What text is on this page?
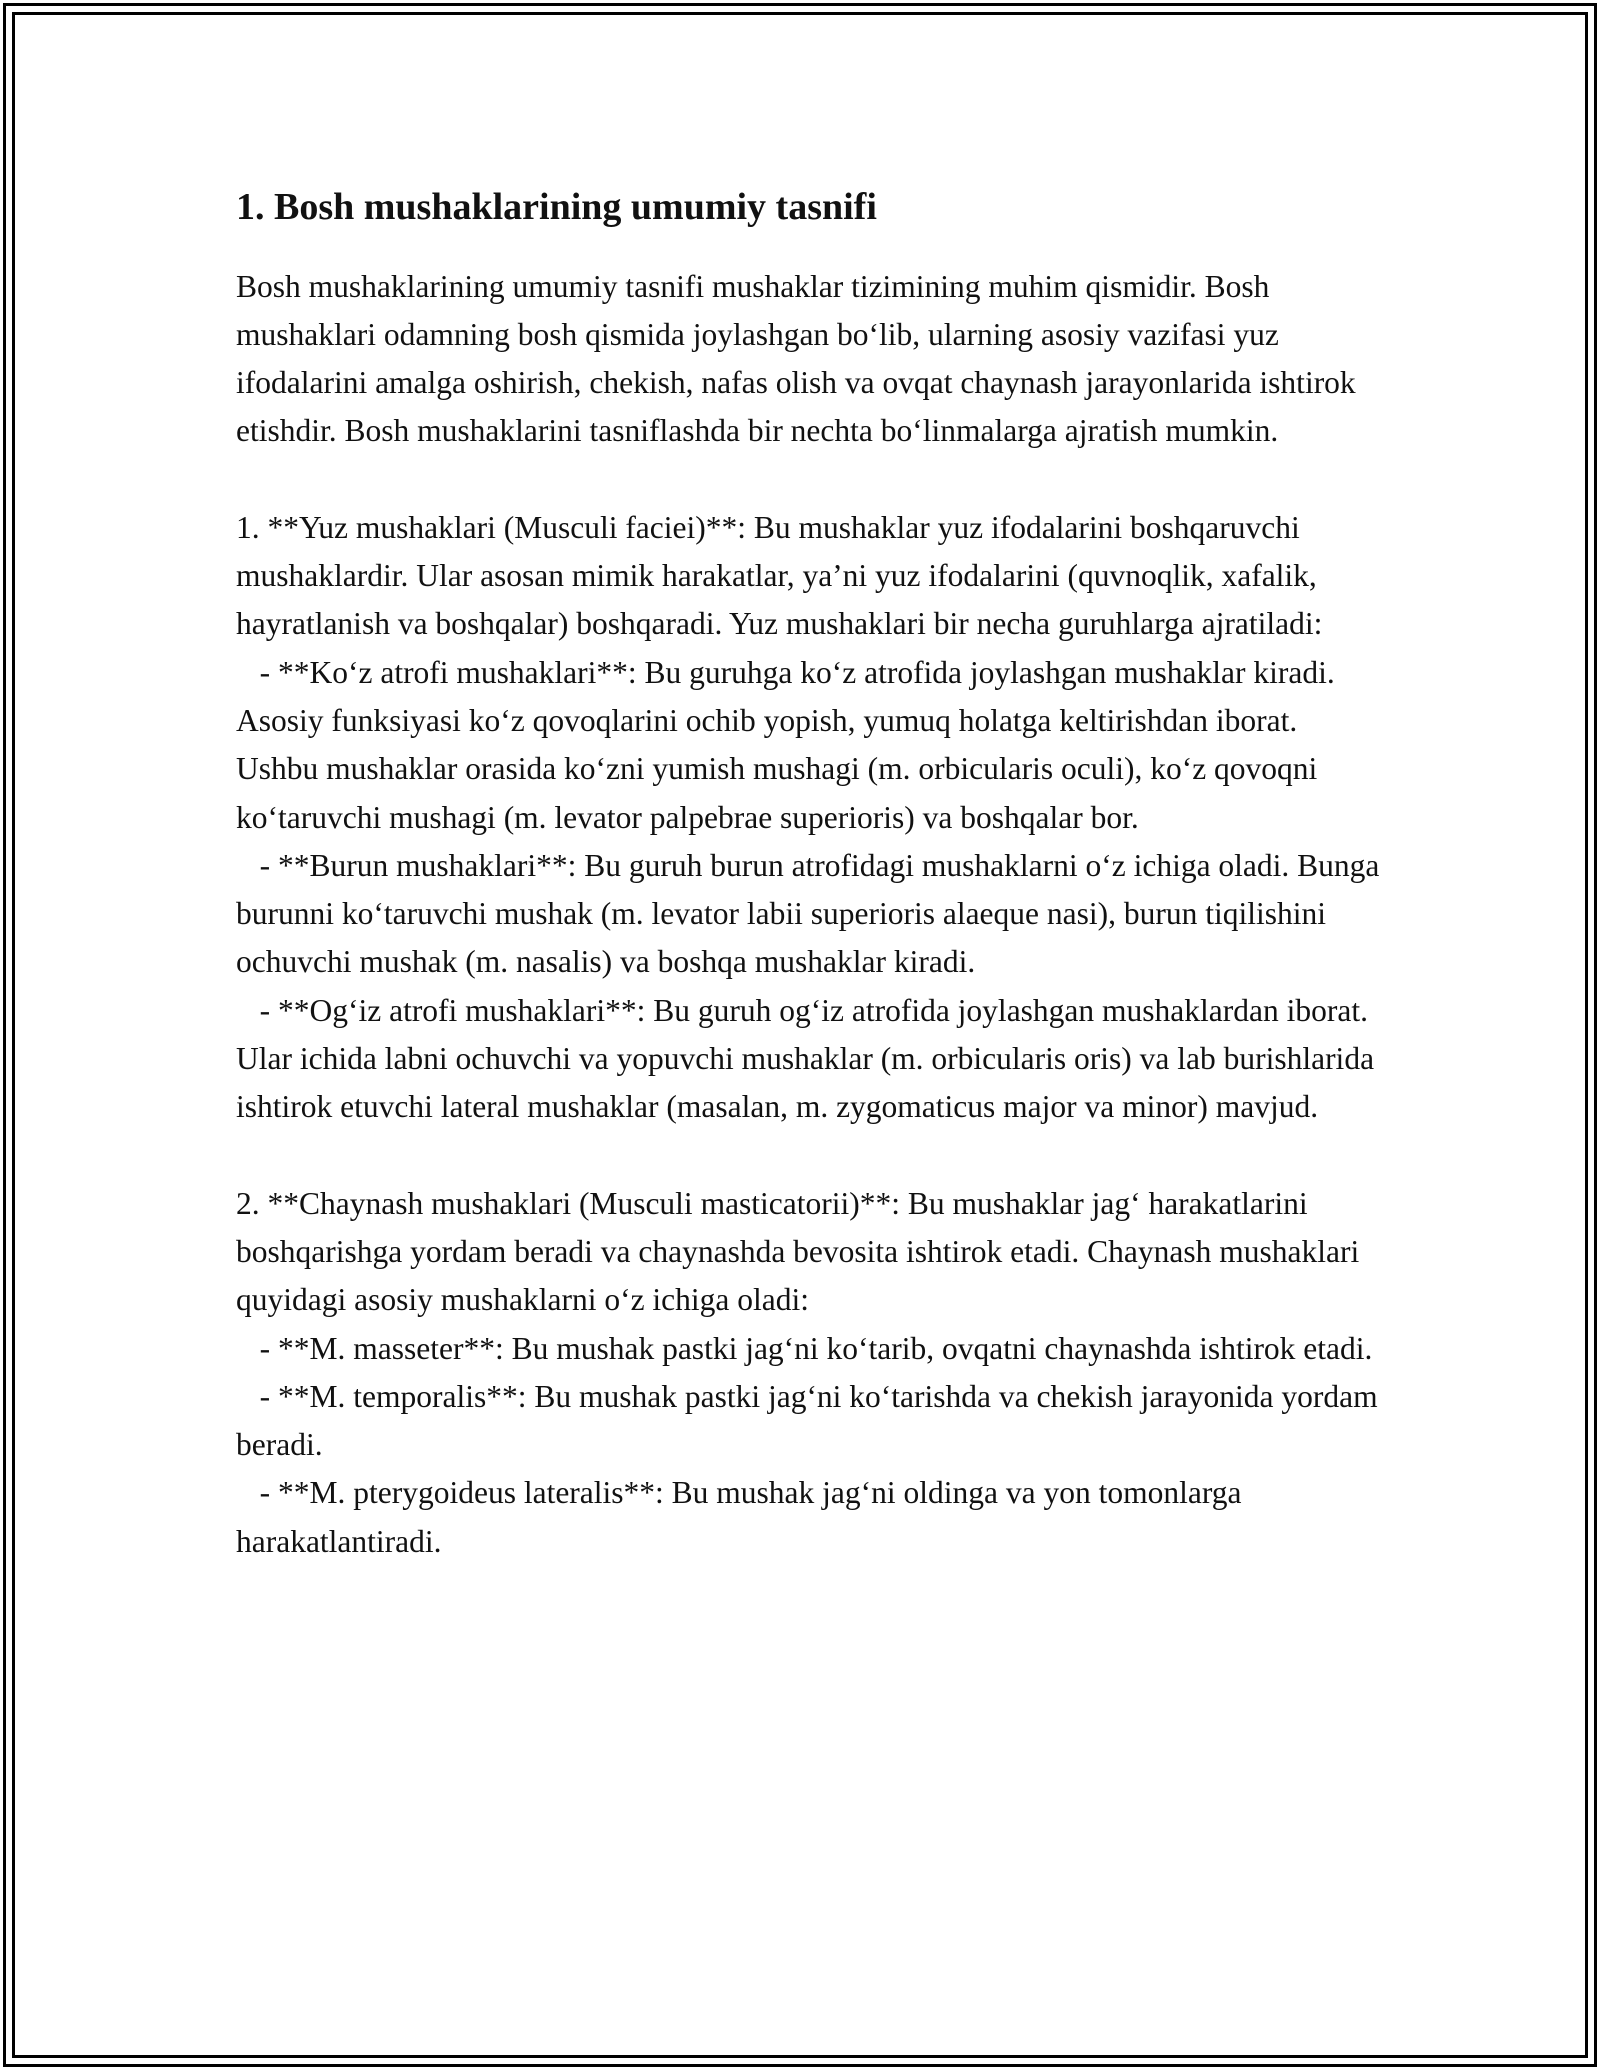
1. Bosh mushaklarining umumiy tasnifi

Bosh mushaklarining umumiy tasnifi mushaklar tizimining muhim qismidir. Bosh mushaklari odamning bosh qismida joylashgan bo‘lib, ularning asosiy vazifasi yuz ifodalarini amalga oshirish, chekish, nafas olish va ovqat chaynash jarayonlarida ishtirok etishdir. Bosh mushaklarini tasniflashda bir nechta bo‘linmalarga ajratish mumkin.

1. **Yuz mushaklari (Musculi faciei)**: Bu mushaklar yuz ifodalarini boshqaruvchi mushaklardir. Ular asosan mimik harakatlar, ya’ni yuz ifodalarini (quvnoqlik, xafalik, hayratlanish va boshqalar) boshqaradi. Yuz mushaklari bir necha guruhlarga ajratiladi:

- **Ko‘z atrofi mushaklari**: Bu guruhga ko‘z atrofida joylashgan mushaklar kiradi. Asosiy funksiyasi ko‘z qovoqlarini ochib yopish, yumuq holatga keltirishdan iborat. Ushbu mushaklar orasida ko‘zni yumish mushagi (m. orbicularis oculi), ko‘z qovoqni ko‘taruvchi mushagi (m. levator palpebrae superioris) va boshqalar bor.

- **Burun mushaklari**: Bu guruh burun atrofidagi mushaklarni o‘z ichiga oladi. Bunga burunni ko‘taruvchi mushak (m. levator labii superioris alaeque nasi), burun tiqilishini ochuvchi mushak (m. nasalis) va boshqa mushaklar kiradi.

- **Og‘iz atrofi mushaklari**: Bu guruh og‘iz atrofida joylashgan mushaklardan iborat. Ular ichida labni ochuvchi va yopuvchi mushaklar (m. orbicularis oris) va lab burishlarida ishtirok etuvchi lateral mushaklar (masalan, m. zygomaticus major va minor) mavjud.

2. **Chaynash mushaklari (Musculi masticatorii)**: Bu mushaklar jag‘ harakatlarini boshqarishga yordam beradi va chaynashda bevosita ishtirok etadi. Chaynash mushaklari quyidagi asosiy mushaklarni o‘z ichiga oladi:

- **M. masseter**: Bu mushak pastki jag‘ni ko‘tarib, ovqatni chaynashda ishtirok etadi.

- **M. temporalis**: Bu mushak pastki jag‘ni ko‘tarishda va chekish jarayonida yordam beradi.

- **M. pterygoideus lateralis**: Bu mushak jag‘ni oldinga va yon tomonlarga harakatlantiradi.
